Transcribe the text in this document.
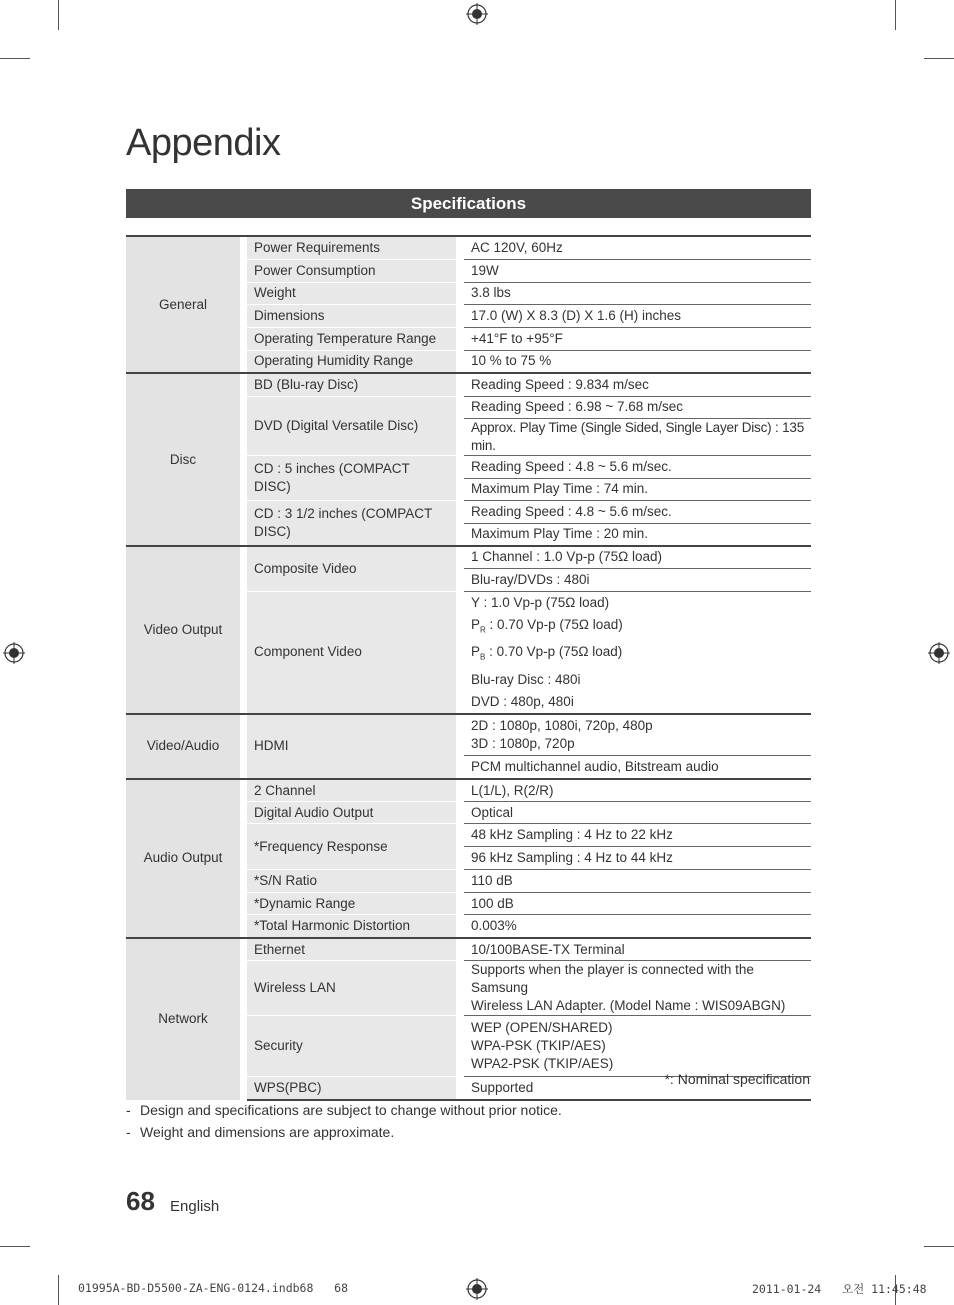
Appendix
Specifications
General		Power Requirements		AC 120V, 60Hz
		Power Consumption		19W
		Weight		3.8 lbs
		Dimensions		17.0 (W) X 8.3 (D) X 1.6 (H) inches
		Operating Temperature Range		+41°F to +95°F
		Operating Humidity Range		10 % to 75 %
Disc		BD (Blu-ray Disc)		Reading Speed : 9.834 m/sec
		DVD (Digital Versatile Disc)		Reading Speed : 6.98 ~ 7.68 m/sec
				Approx. Play Time (Single Sided, Single Layer Disc) : 135 min.
		CD : 5 inches (COMPACT DISC)		Reading Speed : 4.8 ~ 5.6 m/sec.
				Maximum Play Time : 74 min.
		CD : 3 1/2 inches (COMPACT DISC)		Reading Speed : 4.8 ~ 5.6 m/sec.
				Maximum Play Time : 20 min.
Video Output		Composite Video		1 Channel : 1.0 Vp-p (75Ω load)
				Blu-ray/DVDs : 480i
		Component Video		Y : 1.0 Vp-p (75Ω load)
$P_R$ : 0.70 Vp-p (75Ω load)
$P_B$ : 0.70 Vp-p (75Ω load)
Blu-ray Disc : 480i
DVD : 480p, 480i

Video/Audio		HDMI		2D : 1080p, 1080i, 720p, 480p
3D : 1080p, 720p

				PCM multichannel audio, Bitstream audio
Audio Output		2 Channel		L(1/L), R(2/R)
		Digital Audio Output		Optical
		*Frequency Response		48 kHz Sampling : 4 Hz to 22 kHz
				96 kHz Sampling : 4 Hz to 44 kHz
		*S/N Ratio		110 dB
		*Dynamic Range		100 dB
		*Total Harmonic Distortion		0.003%
Network		Ethernet		10/100BASE-TX Terminal
		Wireless LAN		Supports when the player is connected with the Samsung
Wireless LAN Adapter. (Model Name : WIS09ABGN)

		Security		WEP (OPEN/SHARED)
WPA-PSK (TKIP/AES)
WPA2-PSK (TKIP/AES)

		WPS(PBC)		Supported
*: Nominal specification
- Design and specifications are subject to change without prior notice.
- Weight and dimensions are approximate.
68 English
01995A-BD-D5500-ZA-ENG-0124.indb68   68	2011-01-24   오전 11:45:48
